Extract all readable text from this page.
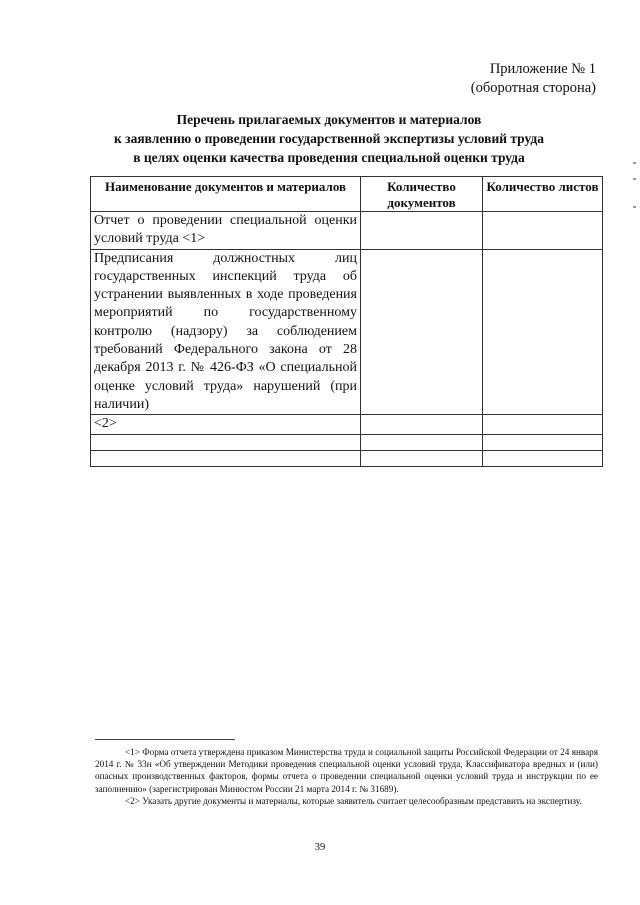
Приложение № 1
(оборотная сторона)
Перечень прилагаемых документов и материалов
к заявлению о проведении государственной экспертизы условий труда
в целях оценки качества проведения специальной оценки труда
Наименование документов и материалов	Количество документов	Количество листов
Отчет о проведении специальной оценки условий труда <1>		
Предписания должностных лиц государственных инспекций труда об устранении выявленных в ходе проведения мероприятий по государственному контролю (надзору) за соблюдением требований Федерального закона от 28 декабря 2013 г. № 426-ФЗ «О специальной оценке условий труда» нарушений (при наличии)		
<2>		

<1> Форма отчета утверждена приказом Министерства труда и социальной защиты Российской Федерации от 24 января 2014 г. № 33н «Об утверждении Методики проведения специальной оценки условий труда, Классификатора вредных и (или) опасных производственных факторов, формы отчета о проведении специальной оценки условий труда и инструкции по ее заполнению» (зарегистрирован Минюстом России 21 марта 2014 г. № 31689).

<2> Указать другие документы и материалы, которые заявитель считает целесообразным представить на экспертизу.

39
